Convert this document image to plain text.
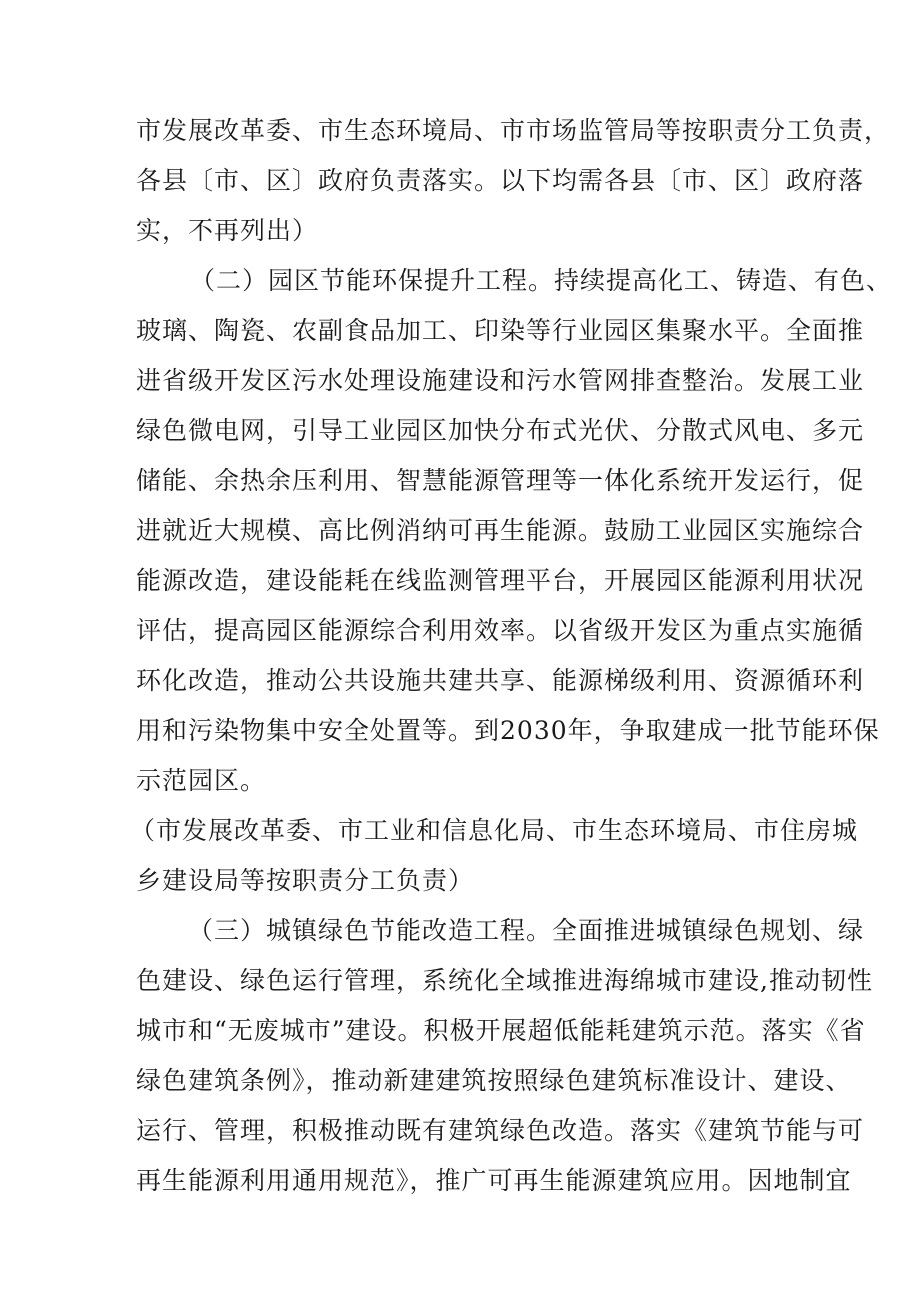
市发展改革委、市生态环境局、市市场监管局等按职责分工负责，
各县〔市、区〕政府负责落实。以下均需各县〔市、区〕政府落
实，不再列出）
（二）园区节能环保提升工程。持续提高化工、铸造、有色、
玻璃、陶瓷、农副食品加工、印染等行业园区集聚水平。全面推
进省级开发区污水处理设施建设和污水管网排查整治。发展工业
绿色微电网，引导工业园区加快分布式光伏、分散式风电、多元
储能、余热余压利用、智慧能源管理等一体化系统开发运行，促
进就近大规模、高比例消纳可再生能源。鼓励工业园区实施综合
能源改造，建设能耗在线监测管理平台，开展园区能源利用状况
评估，提高园区能源综合利用效率。以省级开发区为重点实施循
环化改造，推动公共设施共建共享、能源梯级利用、资源循环利
用和污染物集中安全处置等。到2030年，争取建成一批节能环保
示范园区。
（市发展改革委、市工业和信息化局、市生态环境局、市住房城
乡建设局等按职责分工负责）
（三）城镇绿色节能改造工程。全面推进城镇绿色规划、绿
色建设、绿色运行管理，系统化全域推进海绵城市建设,推动韧性
城市和“无废城市”建设。积极开展超低能耗建筑示范。落实《省
绿色建筑条例》，推动新建建筑按照绿色建筑标准设计、建设、
运行、管理，积极推动既有建筑绿色改造。落实《建筑节能与可
再生能源利用通用规范》，推广可再生能源建筑应用。因地制宜
